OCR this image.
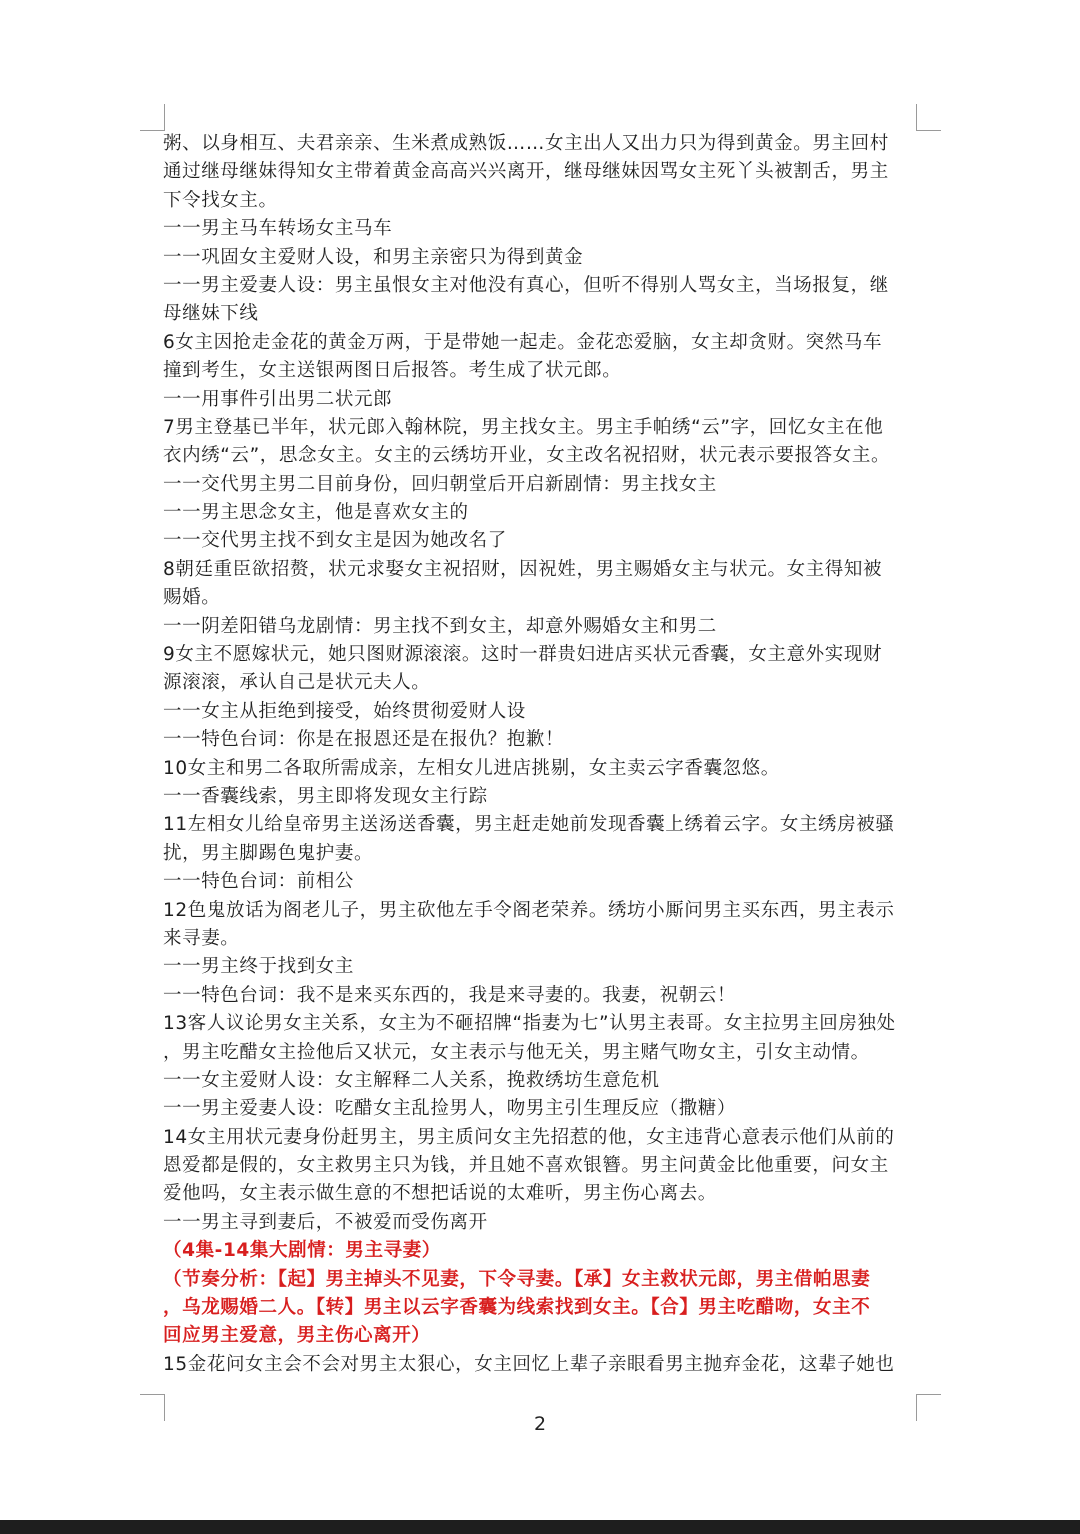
粥、以身相互、夫君亲亲、生米煮成熟饭……女主出人又出力只为得到黄金。男主回村
通过继母继妹得知女主带着黄金高高兴兴离开，继母继妹因骂女主死丫头被割舌，男主
下令找女主。
一一男主马车转场女主马车
一一巩固女主爱财人设，和男主亲密只为得到黄金
一一男主爱妻人设：男主虽恨女主对他没有真心，但听不得别人骂女主，当场报复，继
母继妹下线
6女主因抢走金花的黄金万两，于是带她一起走。金花恋爱脑，女主却贪财。突然马车
撞到考生，女主送银两图日后报答。考生成了状元郎。
一一用事件引出男二状元郎
7男主登基已半年，状元郎入翰林院，男主找女主。男主手帕绣“云”字，回忆女主在他
衣内绣“云”，思念女主。女主的云绣坊开业，女主改名祝招财，状元表示要报答女主。
一一交代男主男二目前身份，回归朝堂后开启新剧情：男主找女主
一一男主思念女主，他是喜欢女主的
一一交代男主找不到女主是因为她改名了
8朝廷重臣欲招赘，状元求娶女主祝招财，因祝姓，男主赐婚女主与状元。女主得知被
赐婚。
一一阴差阳错乌龙剧情：男主找不到女主，却意外赐婚女主和男二
9女主不愿嫁状元，她只图财源滚滚。这时一群贵妇进店买状元香囊，女主意外实现财
源滚滚，承认自己是状元夫人。
一一女主从拒绝到接受，始终贯彻爱财人设
一一特色台词：你是在报恩还是在报仇？抱歉！
10女主和男二各取所需成亲，左相女儿进店挑剔，女主卖云字香囊忽悠。
一一香囊线索，男主即将发现女主行踪
11左相女儿给皇帝男主送汤送香囊，男主赶走她前发现香囊上绣着云字。女主绣房被骚
扰，男主脚踢色鬼护妻。
一一特色台词：前相公
12色鬼放话为阁老儿子，男主砍他左手令阁老荣养。绣坊小厮问男主买东西，男主表示
来寻妻。
一一男主终于找到女主
一一特色台词：我不是来买东西的，我是来寻妻的。我妻，祝朝云！
13客人议论男女主关系，女主为不砸招牌“指妻为七”认男主表哥。女主拉男主回房独处
，男主吃醋女主捡他后又状元，女主表示与他无关，男主赌气吻女主，引女主动情。
一一女主爱财人设：女主解释二人关系，挽救绣坊生意危机
一一男主爱妻人设：吃醋女主乱捡男人，吻男主引生理反应（撒糖）
14女主用状元妻身份赶男主，男主质问女主先招惹的他，女主违背心意表示他们从前的
恩爱都是假的，女主救男主只为钱，并且她不喜欢银簪。男主问黄金比他重要，问女主
爱他吗，女主表示做生意的不想把话说的太难听，男主伤心离去。
一一男主寻到妻后，不被爱而受伤离开
（4集-14集大剧情：男主寻妻）
（节奏分析：【起】男主掉头不见妻，下令寻妻。【承】女主救状元郎，男主借帕思妻
，乌龙赐婚二人。【转】男主以云字香囊为线索找到女主。【合】男主吃醋吻，女主不
回应男主爱意，男主伤心离开）
15金花问女主会不会对男主太狠心，女主回忆上辈子亲眼看男主抛弃金花，这辈子她也
2
